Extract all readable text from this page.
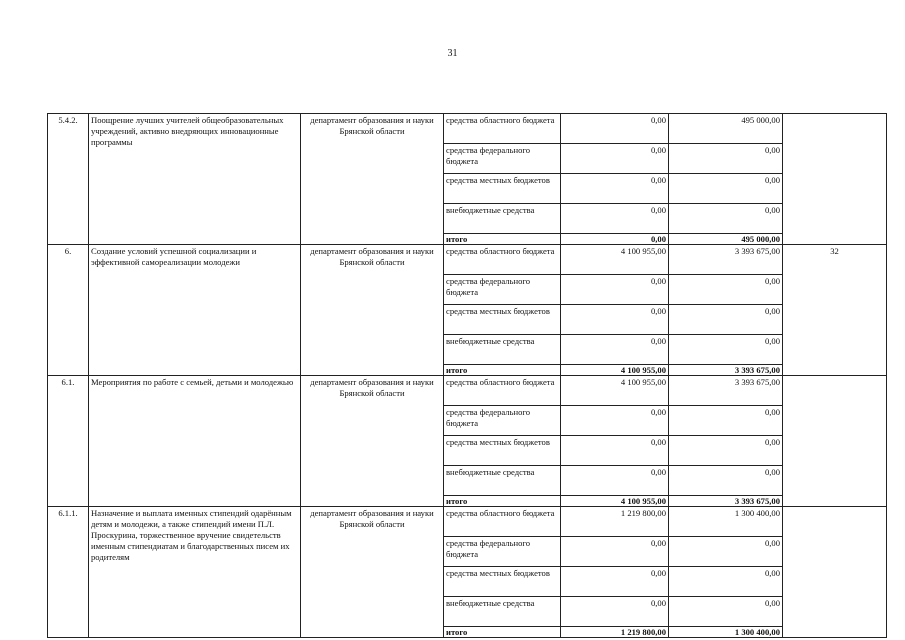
31
5.4.2.	Поощрение лучших учителей общеобразовательных учреждений, активно внедряющих инновационные программы	департамент образования и науки Брянской области	средства областного бюджета	0,00	495 000,00	
			средства федерального бюджета	0,00	0,00	
			средства местных бюджетов	0,00	0,00	
			внебюджетные средства	0,00	0,00	
			итого	0,00	495 000,00	
6.	Создание условий успешной социализации и эффективной самореализации молодежи	департамент образования и науки Брянской области	средства областного бюджета	4 100 955,00	3 393 675,00	32
			средства федерального бюджета	0,00	0,00	
			средства местных бюджетов	0,00	0,00	
			внебюджетные средства	0,00	0,00	
			итого	4 100 955,00	3 393 675,00	
6.1.	Мероприятия по работе с семьей, детьми и молодежью	департамент образования и науки Брянской области	средства областного бюджета	4 100 955,00	3 393 675,00	
			средства федерального бюджета	0,00	0,00	
			средства местных бюджетов	0,00	0,00	
			внебюджетные средства	0,00	0,00	
			итого	4 100 955,00	3 393 675,00	
6.1.1.	Назначение и выплата именных стипендий одарённым детям и молодежи, а также стипендий имени П.Л. Проскурина, торжественное вручение свидетельств именным стипендиатам и благодарственных писем их родителям	департамент образования и науки Брянской области	средства областного бюджета	1 219 800,00	1 300 400,00	
			средства федерального бюджета	0,00	0,00	
			средства местных бюджетов	0,00	0,00	
			внебюджетные средства	0,00	0,00	
			итого	1 219 800,00	1 300 400,00	
